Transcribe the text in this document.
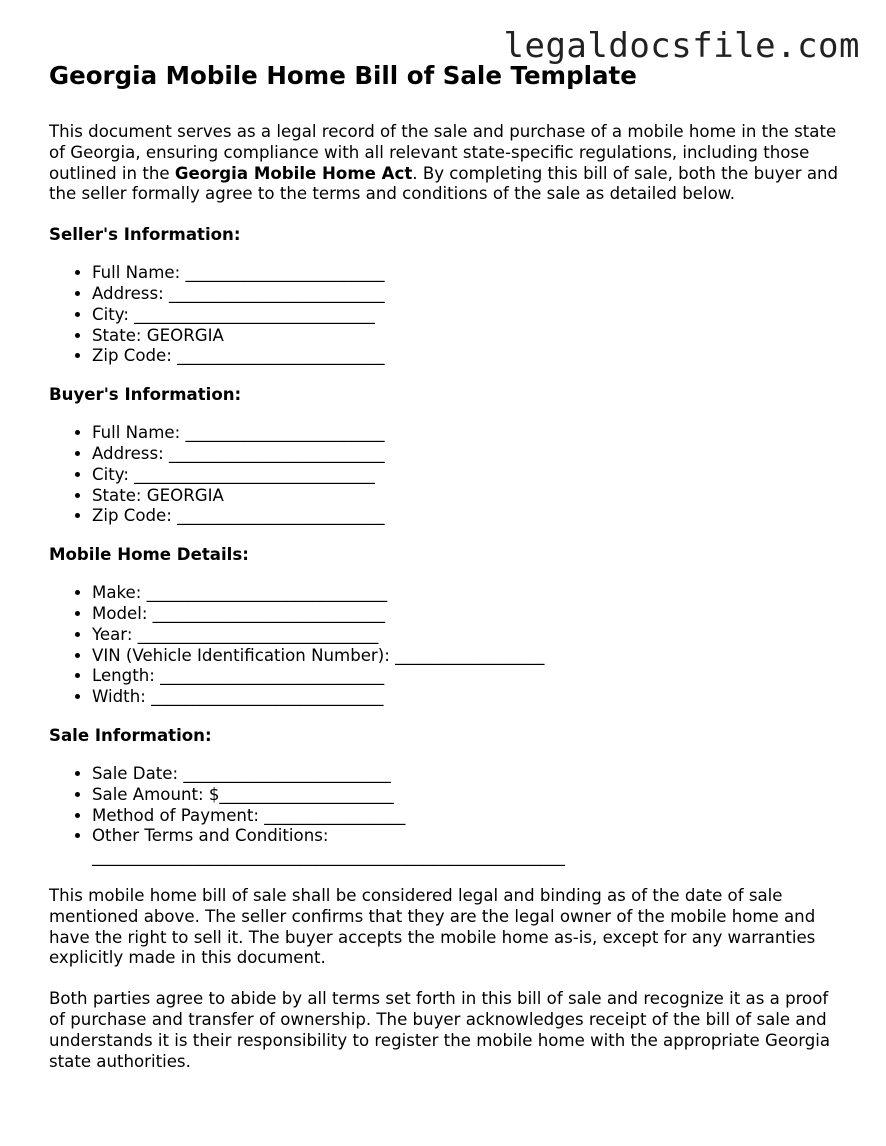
legaldocsfile.com
Georgia Mobile Home Bill of Sale Template

This document serves as a legal record of the sale and purchase of a mobile home in the state of Georgia, ensuring compliance with all relevant state-specific regulations, including those outlined in the Georgia Mobile Home Act. By completing this bill of sale, both the buyer and the seller formally agree to the terms and conditions of the sale as detailed below.

Seller's Information:
• Full Name: ________________________
• Address: __________________________
• City: _____________________________
• State: GEORGIA
• Zip Code: _________________________
Buyer's Information:
• Full Name: ________________________
• Address: __________________________
• City: _____________________________
• State: GEORGIA
• Zip Code: _________________________
Mobile Home Details:
• Make: _____________________________
• Model: ____________________________
• Year: _____________________________
• VIN (Vehicle Identification Number): __________________
• Length: ___________________________
• Width: ____________________________
Sale Information:
• Sale Date: _________________________
• Sale Amount: $_____________________
• Method of Payment: _________________
• Other Terms and Conditions: _________________________________________________________

This mobile home bill of sale shall be considered legal and binding as of the date of sale mentioned above. The seller confirms that they are the legal owner of the mobile home and have the right to sell it. The buyer accepts the mobile home as-is, except for any warranties explicitly made in this document.

Both parties agree to abide by all terms set forth in this bill of sale and recognize it as a proof of purchase and transfer of ownership. The buyer acknowledges receipt of the bill of sale and understands it is their responsibility to register the mobile home with the appropriate Georgia state authorities.
